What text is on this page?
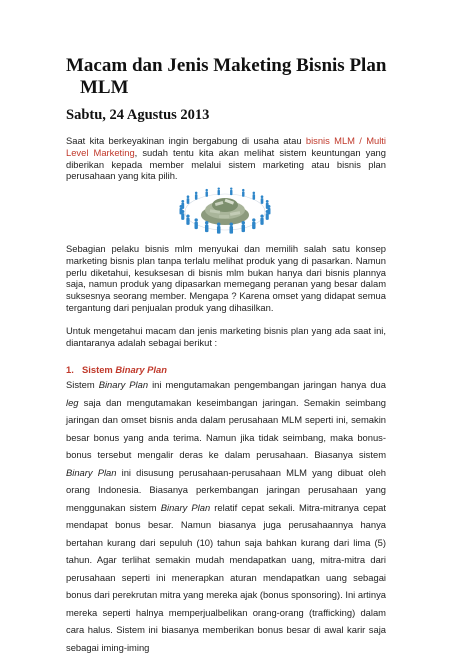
Macam dan Jenis Maketing Bisnis Plan
MLM
Sabtu, 24 Agustus 2013

Saat kita berkeyakinan ingin bergabung di usaha atau bisnis MLM / Multi Level Marketing, sudah tentu kita akan melihat sistem keuntungan yang diberikan kepada member melalui sistem marketing atau bisnis plan perusahaan yang kita pilih.

Sebagian pelaku bisnis mlm menyukai dan memilih salah satu konsep marketing bisnis plan tanpa terlalu melihat produk yang di pasarkan. Namun perlu diketahui, kesuksesan di bisnis mlm bukan hanya dari bisnis plannya saja, namun produk yang dipasarkan memegang peranan yang besar dalam suksesnya seorang member. Mengapa ? Karena omset yang didapat semua tergantung dari penjualan produk yang dihasilkan.

Untuk mengetahui macam dan jenis marketing bisnis plan yang ada saat ini, diantaranya adalah sebagai berikut :

1. Sistem Binary Plan

Sistem Binary Plan ini mengutamakan pengembangan jaringan hanya dua leg saja dan mengutamakan keseimbangan jaringan. Semakin seimbang jaringan dan omset bisnis anda dalam perusahaan MLM seperti ini, semakin besar bonus yang anda terima. Namun jika tidak seimbang, maka bonus-bonus tersebut mengalir deras ke dalam perusahaan. Biasanya sistem Binary Plan ini disusung perusahaan-perusahaan MLM yang dibuat oleh orang Indonesia. Biasanya perkembangan jaringan perusahaan yang menggunakan sistem Binary Plan relatif cepat sekali. Mitra-mitranya cepat mendapat bonus besar. Namun biasanya juga perusahaannya hanya bertahan kurang dari sepuluh (10) tahun saja bahkan kurang dari lima (5) tahun. Agar terlihat semakin mudah mendapatkan uang, mitra-mitra dari perusahaan seperti ini menerapkan aturan mendapatkan uang sebagai bonus dari perekrutan mitra yang mereka ajak (bonus sponsoring). Ini artinya mereka seperti halnya memperjualbelikan orang-orang (trafficking) dalam cara halus. Sistem ini biasanya memberikan bonus besar di awal karir saja sebagai iming-iming
